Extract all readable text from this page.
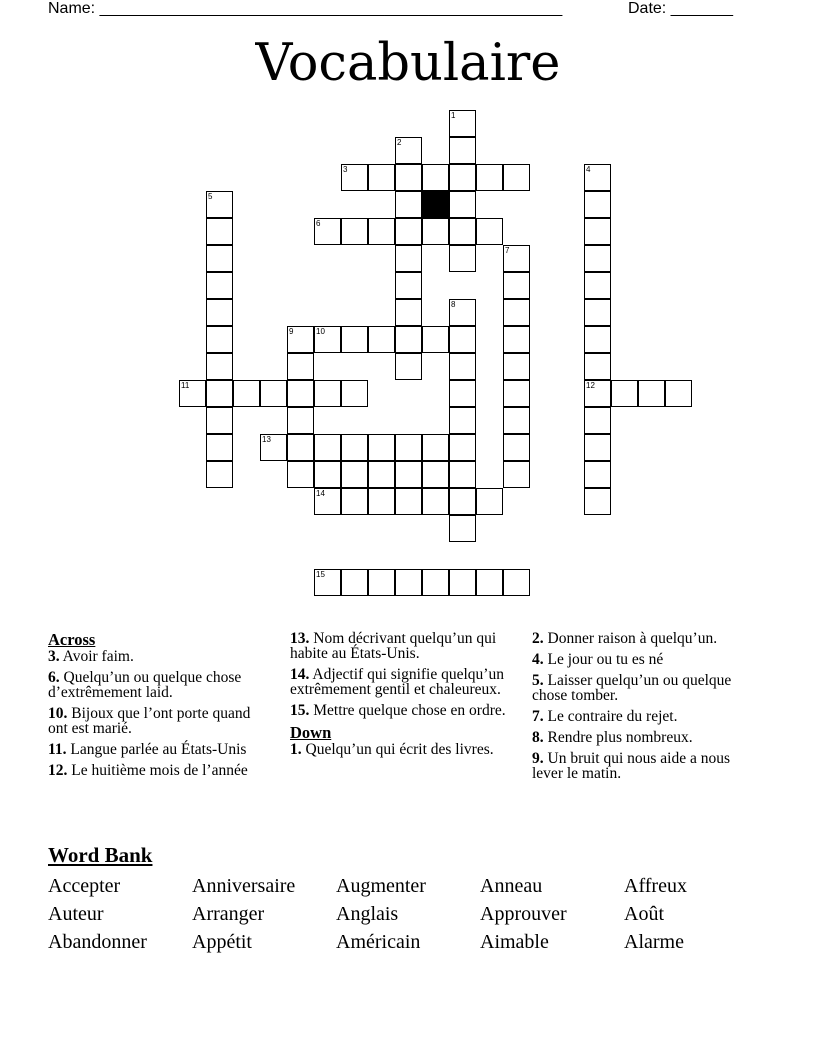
Name: ____________________________________________________	Date: _______
Vocabulaire
1
2
3	4
12
5
6
7
8
9	10
11
13
14
15
Across
3. Avoir faim.
6. Quelqu’un ou quelque chose d’extrêmement laid.
10. Bijoux que l’ont porte quand ont est marié.
11. Langue parlée au États-Unis
12. Le huitième mois de l’année
13. Nom décrivant quelqu’un qui habite au États-Unis.
14. Adjectif qui signifie quelqu’un extrêmement gentil et chaleureux.
15. Mettre quelque chose en ordre.
Down
1. Quelqu’un qui écrit des livres.
2. Donner raison à quelqu’un.
4. Le jour ou tu es né
5. Laisser quelqu’un ou quelque chose tomber.
7. Le contraire du rejet.
8. Rendre plus nombreux.
9. Un bruit qui nous aide a nous lever le matin.
Word Bank
Accepter	Anniversaire Augmenter	Anneau	Affreux
Auteur	Arranger	Anglais	Approuver	Août
Abandonner Appétit	Américain	Aimable	Alarme
